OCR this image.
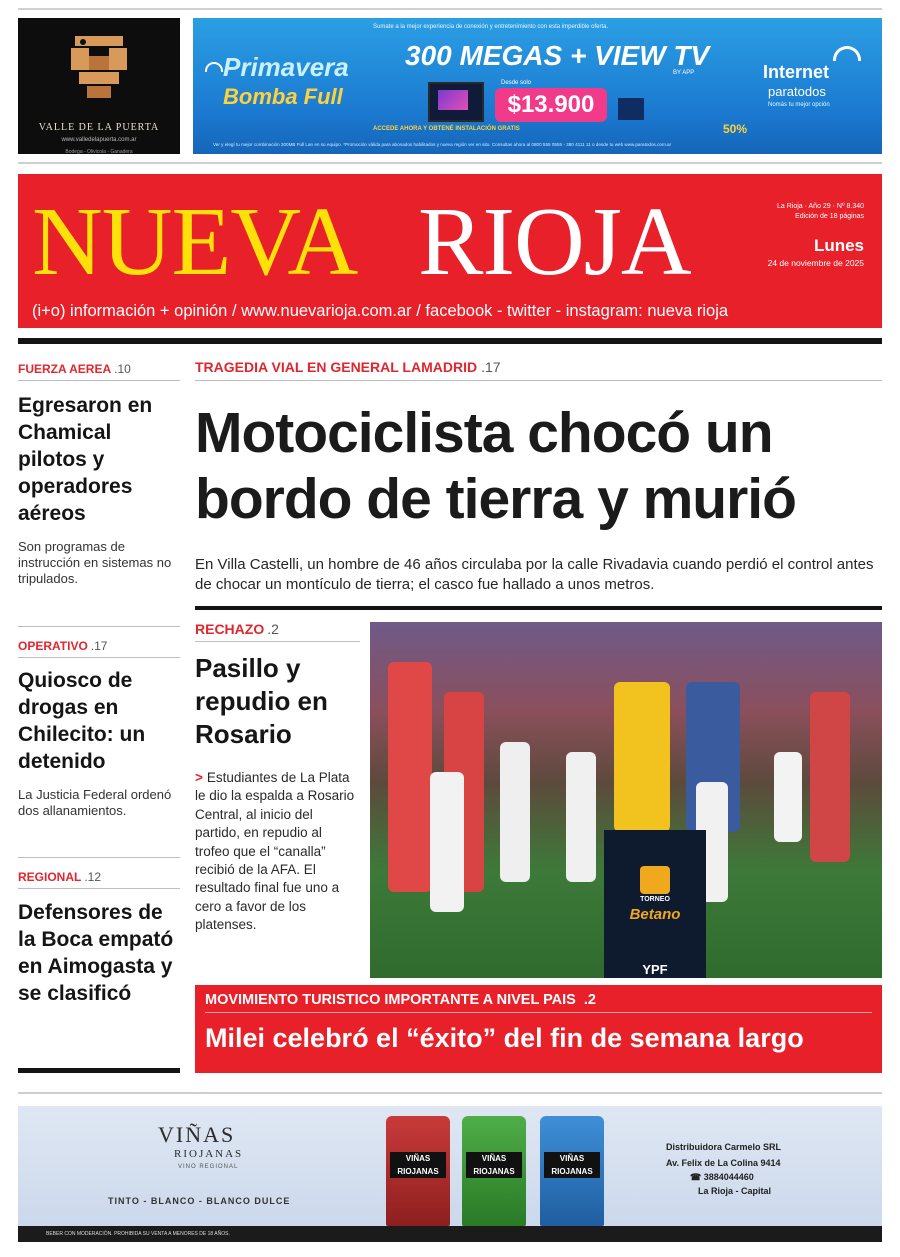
VALLE DE LA PUERTA
www.valledelapuerta.com.ar
Bodega - Olivicola - Ganadera
Sumate a la mejor experiencia de conexión y entretenimiento con esta imperdible oferta.
Primavera
Bomba Full
300 MEGAS + VIEW TV
BY APP
Desde solo
$13.900
Internet
paratodos
Nomás tu mejor opción
ACCEDE AHORA Y OBTENÉ INSTALACIÓN GRATIS	50%
Ver y elegí tu mejor combinación 300MB Full Lan en su equipo. *Promoción válida para abonados habilitados y nueva región ver en sito. Consultas ahora al 0800 555 0555 - 380 4111 11 o desde tu web www.paratodos.com.ar
NUEVA RIOJA	La Rioja · Año 29 · Nº 8.340
Edición de 18 páginas
Lunes
24 de noviembre de 2025
(i+o) información + opinión / www.nuevarioja.com.ar / facebook - twitter - instagram: nueva rioja
FUERZA AEREA .10
Egresaron en Chamical pilotos y operadores aéreos
Son programas de instrucción en sistemas no tripulados.
OPERATIVO .17
Quiosco de drogas en Chilecito: un detenido
La Justicia Federal ordenó dos allanamientos.
REGIONAL .12
Defensores de la Boca empató en Aimogasta y se clasificó
TRAGEDIA VIAL EN GENERAL LAMADRID .17
Motociclista chocó un bordo de tierra y murió
En Villa Castelli, un hombre de 46 años circulaba por la calle Rivadavia cuando perdió el control antes de chocar un montículo de tierra; el casco fue hallado a unos metros.
RECHAZO .2
Pasillo y repudio en Rosario
> Estudiantes de La Plata le dio la espalda a Rosario Central, al inicio del partido, en repudio al trofeo que el “canalla” recibió de la AFA. El resultado final fue uno a cero a favor de los platenses.
TORNEO
Betano
YPF
MOVIMIENTO TURISTICO IMPORTANTE A NIVEL PAIS .2
Milei celebró el “éxito” del fin de semana largo
VIÑAS
RIOJANAS
VINO REGIONAL
TINTO - BLANCO - BLANCO DULCE
VIÑAS RIOJANAS
VIÑAS RIOJANAS
VIÑAS RIOJANAS
Distribuidora Carmelo SRL
Av. Felix de La Colina 9414
☎ 3884044460
La Rioja - Capital
BEBER CON MODERACIÓN. PROHIBIDA SU VENTA A MENORES DE 18 AÑOS.
